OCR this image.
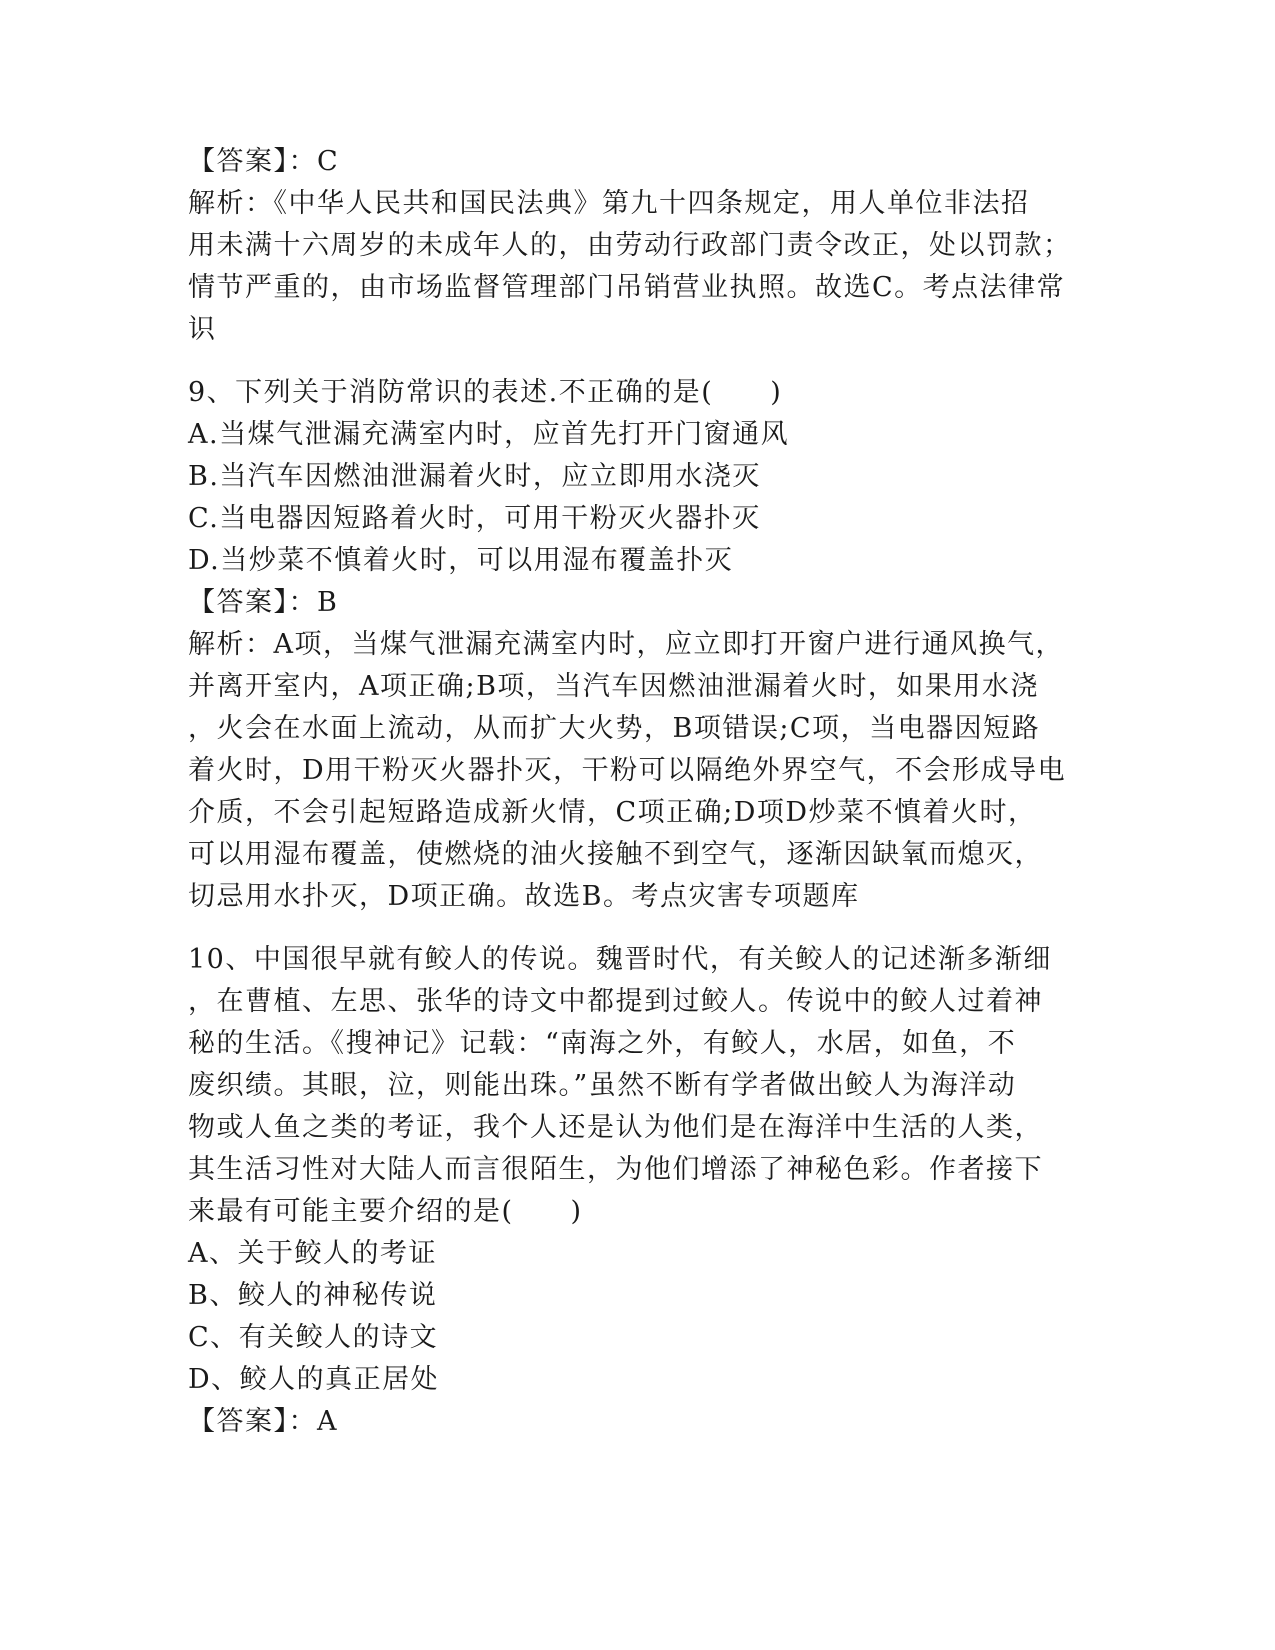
【答案】：C
解析：《中华人民共和国民法典》第九十四条规定，用人单位非法招
用未满十六周岁的未成年人的，由劳动行政部门责令改正，处以罚款；
情节严重的，由市场监督管理部门吊销营业执照。故选C。考点法律常
识
9、下列关于消防常识的表述.不正确的是(　　)
A.当煤气泄漏充满室内时，应首先打开门窗通风
B.当汽车因燃油泄漏着火时，应立即用水浇灭
C.当电器因短路着火时，可用干粉灭火器扑灭
D.当炒菜不慎着火时，可以用湿布覆盖扑灭
【答案】：B
解析：A项，当煤气泄漏充满室内时，应立即打开窗户进行通风换气，
并离开室内，A项正确;B项，当汽车因燃油泄漏着火时，如果用水浇
，火会在水面上流动，从而扩大火势，B项错误;C项，当电器因短路
着火时，D用干粉灭火器扑灭，干粉可以隔绝外界空气，不会形成导电
介质，不会引起短路造成新火情，C项正确;D项D炒菜不慎着火时，
可以用湿布覆盖，使燃烧的油火接触不到空气，逐渐因缺氧而熄灭，
切忌用水扑灭，D项正确。故选B。考点灾害专项题库
10、中国很早就有鲛人的传说。魏晋时代，有关鲛人的记述渐多渐细
，在曹植、左思、张华的诗文中都提到过鲛人。传说中的鲛人过着神
秘的生活。《搜神记》记载：“南海之外，有鲛人，水居，如鱼，不
废织绩。其眼，泣，则能出珠。”虽然不断有学者做出鲛人为海洋动
物或人鱼之类的考证，我个人还是认为他们是在海洋中生活的人类，
其生活习性对大陆人而言很陌生，为他们增添了神秘色彩。作者接下
来最有可能主要介绍的是(　　)
A、关于鲛人的考证
B、鲛人的神秘传说
C、有关鲛人的诗文
D、鲛人的真正居处
【答案】：A
